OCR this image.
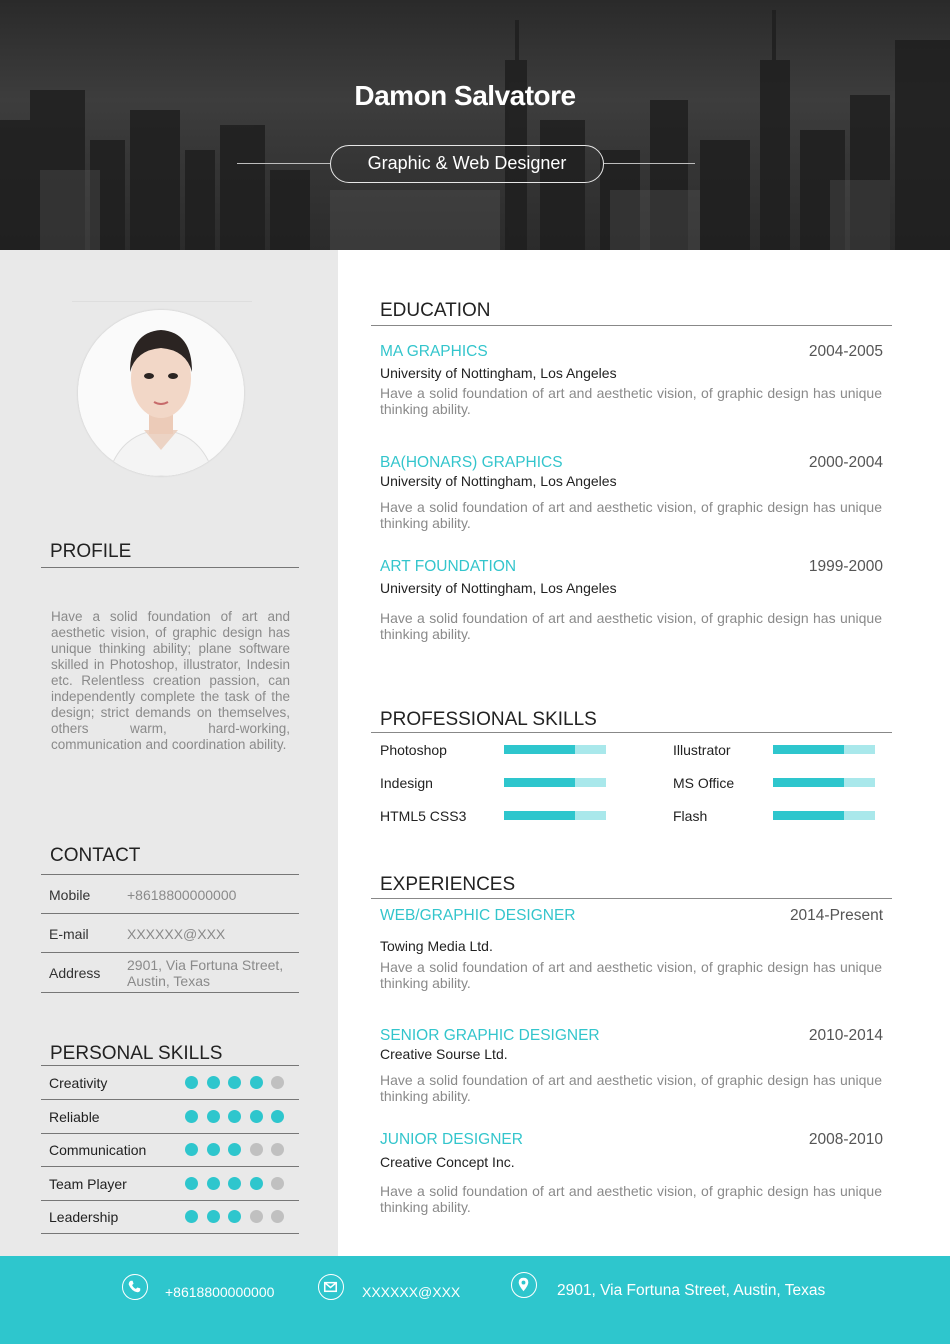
Damon Salvatore
Graphic & Web Designer
PROFILE
Have a solid foundation of art and aesthetic vision, of graphic design has unique thinking ability; plane software skilled in Photoshop, illustrator, Indesin etc. Relentless creation passion, can independently complete the task of the design; strict demands on themselves, others warm, hard-working, communication and coordination ability.
CONTACT
Mobile	+8618800000000
E-mail	XXXXXX@XXX
Address 2901, Via Fortuna Street, Austin, Texas
PERSONAL SKILLS
Creativity
Reliable
Communication
Team Player
Leadership
EDUCATION
MA GRAPHICS	2004-2005
University of Nottingham, Los Angeles
Have a solid foundation of art and aesthetic vision, of graphic design has unique thinking ability.
BA(HONARS) GRAPHICS	2000-2004
University of Nottingham, Los Angeles
Have a solid foundation of art and aesthetic vision, of graphic design has unique thinking ability.
ART FOUNDATION	1999-2000
University of Nottingham, Los Angeles
Have a solid foundation of art and aesthetic vision, of graphic design has unique thinking ability.
PROFESSIONAL SKILLS
Photoshop	Illustrator
Indesign	MS Office
HTML5 CSS3	Flash
EXPERIENCES
WEB/GRAPHIC DESIGNER	2014-Present
Towing Media Ltd.
Have a solid foundation of art and aesthetic vision, of graphic design has unique thinking ability.
SENIOR GRAPHIC DESIGNER	2010-2014
Creative Sourse Ltd.
Have a solid foundation of art and aesthetic vision, of graphic design has unique thinking ability.
JUNIOR DESIGNER	2008-2010
Creative Concept Inc.
Have a solid foundation of art and aesthetic vision, of graphic design has unique thinking ability.
+8618800000000	XXXXXX@XXX	2901, Via Fortuna Street, Austin, Texas
